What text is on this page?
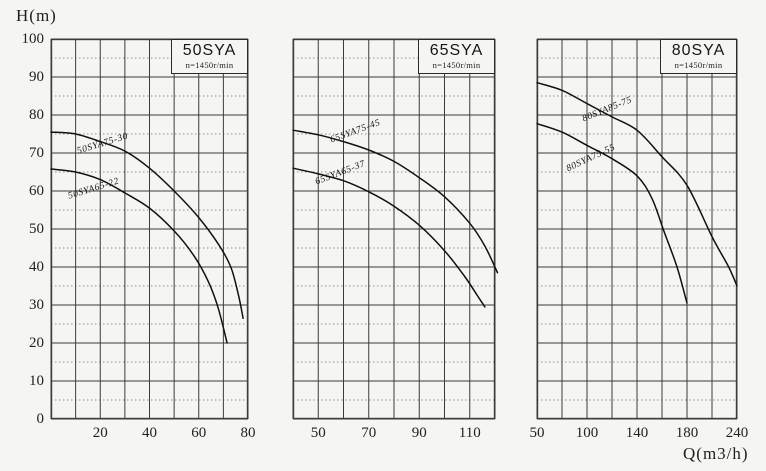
H(m)
Q(m3/h)
100
90
80
70
60
50
40
30
20
10
0
50SYA
n=1450r/min
50SYA75-30
50SYA65-22
65SYA
n=1450r/min
65SYA75-45
65SYA65-37
80SYA
n=1450r/min
80SYA85-75
80SYA75-55
20 40 60 80	50 70 90 110	50 100 140 180 240
